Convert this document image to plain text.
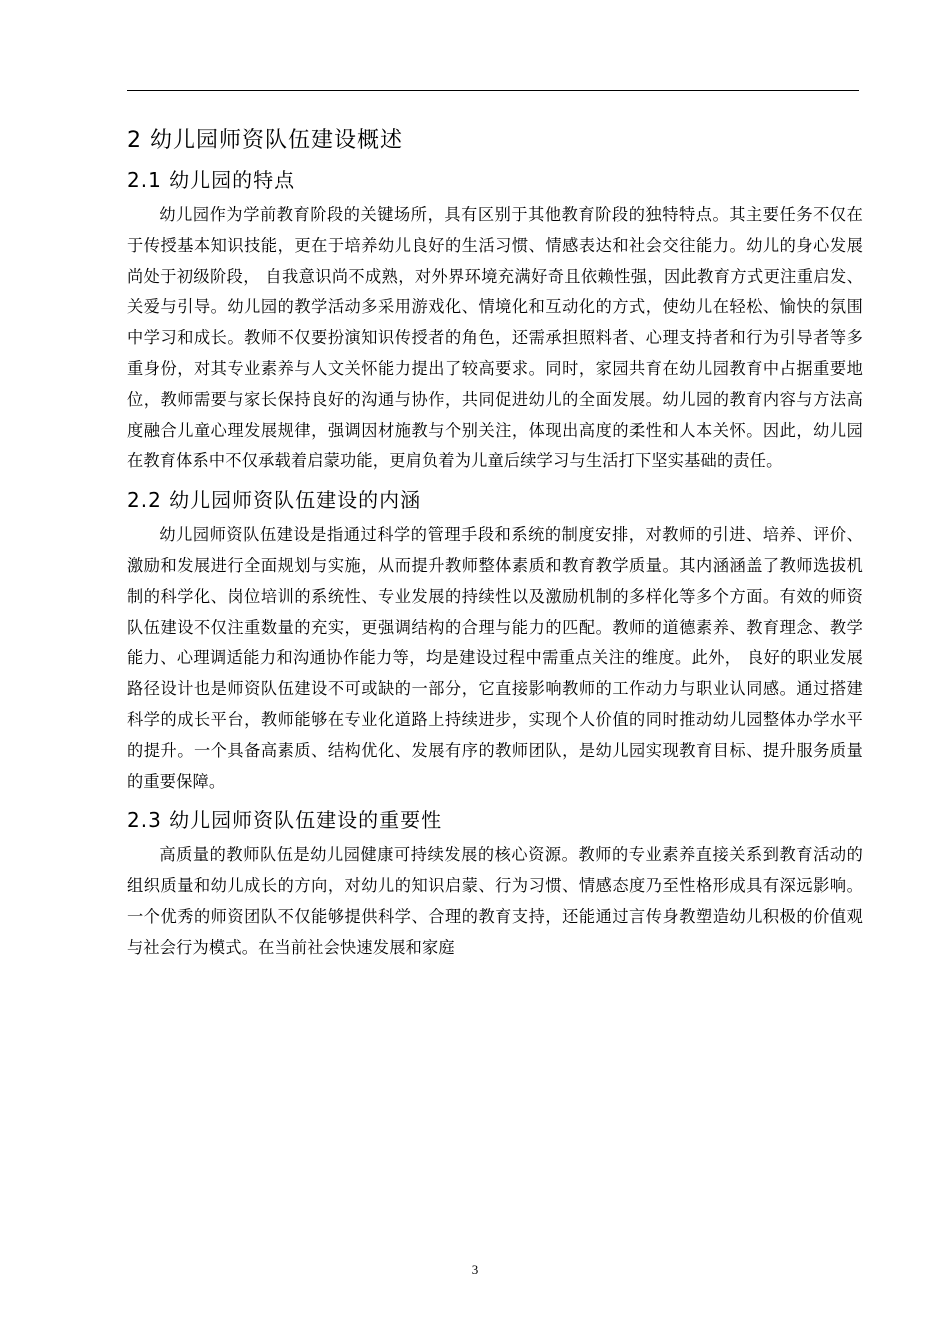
2 幼儿园师资队伍建设概述
2.1 幼儿园的特点

幼儿园作为学前教育阶段的关键场所，具有区别于其他教育阶段的独特特点。其主要任务不仅在于传授基本知识技能，更在于培养幼儿良好的生活习惯、情感表达和社会交往能力。幼儿的身心发展尚处于初级阶段， 自我意识尚不成熟，对外界环境充满好奇且依赖性强，因此教育方式更注重启发、关爱与引导。幼儿园的教学活动多采用游戏化、情境化和互动化的方式，使幼儿在轻松、愉快的氛围中学习和成长。教师不仅要扮演知识传授者的角色，还需承担照料者、心理支持者和行为引导者等多重身份，对其专业素养与人文关怀能力提出了较高要求。同时，家园共育在幼儿园教育中占据重要地位，教师需要与家长保持良好的沟通与协作，共同促进幼儿的全面发展。幼儿园的教育内容与方法高度融合儿童心理发展规律，强调因材施教与个别关注，体现出高度的柔性和人本关怀。因此，幼儿园在教育体系中不仅承载着启蒙功能，更肩负着为儿童后续学习与生活打下坚实基础的责任。

2.2 幼儿园师资队伍建设的内涵

幼儿园师资队伍建设是指通过科学的管理手段和系统的制度安排，对教师的引进、培养、评价、激励和发展进行全面规划与实施，从而提升教师整体素质和教育教学质量。其内涵涵盖了教师选拔机制的科学化、岗位培训的系统性、专业发展的持续性以及激励机制的多样化等多个方面。有效的师资队伍建设不仅注重数量的充实，更强调结构的合理与能力的匹配。教师的道德素养、教育理念、教学能力、心理调适能力和沟通协作能力等，均是建设过程中需重点关注的维度。此外， 良好的职业发展路径设计也是师资队伍建设不可或缺的一部分，它直接影响教师的工作动力与职业认同感。通过搭建科学的成长平台，教师能够在专业化道路上持续进步，实现个人价值的同时推动幼儿园整体办学水平的提升。一个具备高素质、结构优化、发展有序的教师团队，是幼儿园实现教育目标、提升服务质量的重要保障。

2.3 幼儿园师资队伍建设的重要性

高质量的教师队伍是幼儿园健康可持续发展的核心资源。教师的专业素养直接关系到教育活动的组织质量和幼儿成长的方向，对幼儿的知识启蒙、行为习惯、情感态度乃至性格形成具有深远影响。一个优秀的师资团队不仅能够提供科学、合理的教育支持，还能通过言传身教塑造幼儿积极的价值观与社会行为模式。在当前社会快速发展和家庭

3
